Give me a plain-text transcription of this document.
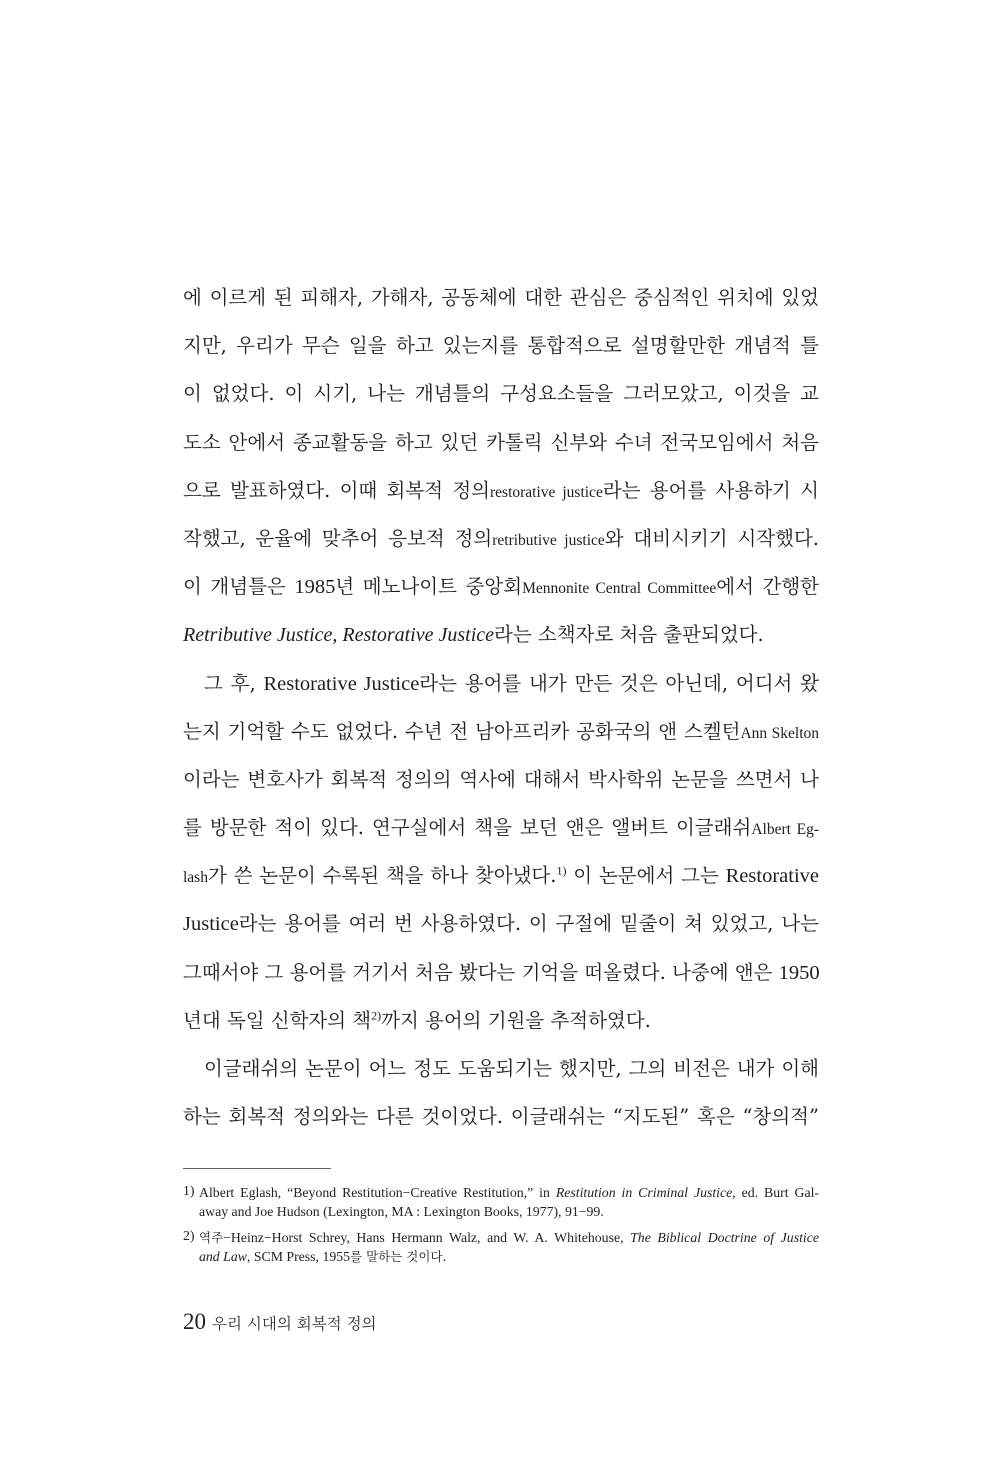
에 이르게 된 피해자, 가해자, 공동체에 대한 관심은 중심적인 위치에 있었
지만, 우리가 무슨 일을 하고 있는지를 통합적으로 설명할만한 개념적 틀
이 없었다. 이 시기, 나는 개념틀의 구성요소들을 그러모았고, 이것을 교
도소 안에서 종교활동을 하고 있던 카톨릭 신부와 수녀 전국모임에서 처음
으로 발표하였다. 이때 회복적 정의restorative justice라는 용어를 사용하기 시
작했고, 운율에 맞추어 응보적 정의retributive justice와 대비시키기 시작했다.
이 개념틀은 1985년 메노나이트 중앙회Mennonite Central Committee에서 간행한
Retributive Justice, Restorative Justice라는 소책자로 처음 출판되었다.
그 후, Restorative Justice라는 용어를 내가 만든 것은 아닌데, 어디서 왔
는지 기억할 수도 없었다. 수년 전 남아프리카 공화국의 앤 스켈턴Ann Skelton
이라는 변호사가 회복적 정의의 역사에 대해서 박사학위 논문을 쓰면서 나
를 방문한 적이 있다. 연구실에서 책을 보던 앤은 앨버트 이글래쉬Albert Eg-
lash가 쓴 논문이 수록된 책을 하나 찾아냈다.$^{1)}$ 이 논문에서 그는 Restorative
Justice라는 용어를 여러 번 사용하였다. 이 구절에 밑줄이 쳐 있었고, 나는
그때서야 그 용어를 거기서 처음 봤다는 기억을 떠올렸다. 나중에 앤은 1950
년대 독일 신학자의 책$^{2)}$까지 용어의 기원을 추적하였다.
이글래쉬의 논문이 어느 정도 도움되기는 했지만, 그의 비전은 내가 이해
하는 회복적 정의와는 다른 것이었다. 이글래쉬는 “지도된” 혹은 “창의적”
1) Albert Eglash, “Beyond Restitution−Creative Restitution,” in Restitution in Criminal Justice, ed. Burt Gal-
away and Joe Hudson (Lexington, MA : Lexington Books, 1977), 91−99.
2) 역주−Heinz−Horst Schrey, Hans Hermann Walz, and W. A. Whitehouse, The Biblical Doctrine of Justice
and Law, SCM Press, 1955를 말하는 것이다.
20 우리 시대의 회복적 정의
